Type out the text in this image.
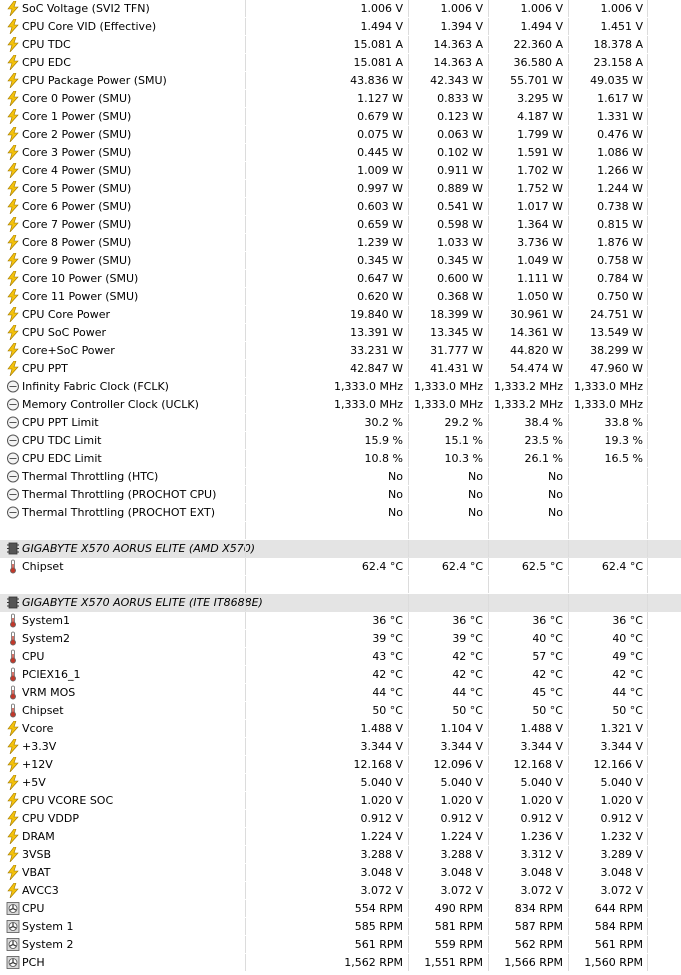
SoC Voltage (SVI2 TFN)	1.006 V	1.006 V	1.006 V	1.006 V
CPU Core VID (Effective)	1.494 V	1.394 V	1.494 V	1.451 V
CPU TDC	15.081 A	14.363 A	22.360 A	18.378 A
CPU EDC	15.081 A	14.363 A	36.580 A	23.158 A
CPU Package Power (SMU)	43.836 W	42.343 W	55.701 W	49.035 W
Core 0 Power (SMU)	1.127 W	0.833 W	3.295 W	1.617 W
Core 1 Power (SMU)	0.679 W	0.123 W	4.187 W	1.331 W
Core 2 Power (SMU)	0.075 W	0.063 W	1.799 W	0.476 W
Core 3 Power (SMU)	0.445 W	0.102 W	1.591 W	1.086 W
Core 4 Power (SMU)	1.009 W	0.911 W	1.702 W	1.266 W
Core 5 Power (SMU)	0.997 W	0.889 W	1.752 W	1.244 W
Core 6 Power (SMU)	0.603 W	0.541 W	1.017 W	0.738 W
Core 7 Power (SMU)	0.659 W	0.598 W	1.364 W	0.815 W
Core 8 Power (SMU)	1.239 W	1.033 W	3.736 W	1.876 W
Core 9 Power (SMU)	0.345 W	0.345 W	1.049 W	0.758 W
Core 10 Power (SMU)	0.647 W	0.600 W	1.111 W	0.784 W
Core 11 Power (SMU)	0.620 W	0.368 W	1.050 W	0.750 W
CPU Core Power	19.840 W	18.399 W	30.961 W	24.751 W
CPU SoC Power	13.391 W	13.345 W	14.361 W	13.549 W
Core+SoC Power	33.231 W	31.777 W	44.820 W	38.299 W
CPU PPT	42.847 W	41.431 W	54.474 W	47.960 W
Infinity Fabric Clock (FCLK)	1,333.0 MHz 1,333.0 MHz 1,333.2 MHz 1,333.0 MHz
Memory Controller Clock (UCLK)	1,333.0 MHz 1,333.0 MHz 1,333.2 MHz 1,333.0 MHz
CPU PPT Limit	30.2 %	29.2 %	38.4 %	33.8 %
CPU TDC Limit	15.9 %	15.1 %	23.5 %	19.3 %
CPU EDC Limit	10.8 %	10.3 %	26.1 %	16.5 %
Thermal Throttling (HTC)	No	No	No
Thermal Throttling (PROCHOT CPU)	No	No	No
Thermal Throttling (PROCHOT EXT)	No	No	No
GIGABYTE X570 AORUS ELITE (AMD X570)
Chipset	62.4 °C	62.4 °C	62.5 °C	62.4 °C
GIGABYTE X570 AORUS ELITE (ITE IT8688E)
System1	36 °C	36 °C	36 °C	36 °C
System2	39 °C	39 °C	40 °C	40 °C
CPU	43 °C	42 °C	57 °C	49 °C
PCIEX16_1	42 °C	42 °C	42 °C	42 °C
VRM MOS	44 °C	44 °C	45 °C	44 °C
Chipset	50 °C	50 °C	50 °C	50 °C
Vcore	1.488 V	1.104 V	1.488 V	1.321 V
+3.3V	3.344 V	3.344 V	3.344 V	3.344 V
+12V	12.168 V	12.096 V	12.168 V	12.166 V
+5V	5.040 V	5.040 V	5.040 V	5.040 V
CPU VCORE SOC	1.020 V	1.020 V	1.020 V	1.020 V
CPU VDDP	0.912 V	0.912 V	0.912 V	0.912 V
DRAM	1.224 V	1.224 V	1.236 V	1.232 V
3VSB	3.288 V	3.288 V	3.312 V	3.289 V
VBAT	3.048 V	3.048 V	3.048 V	3.048 V
AVCC3	3.072 V	3.072 V	3.072 V	3.072 V
CPU	554 RPM	490 RPM	834 RPM	644 RPM
System 1	585 RPM	581 RPM	587 RPM	584 RPM
System 2	561 RPM	559 RPM	562 RPM	561 RPM
PCH	1,562 RPM	1,551 RPM	1,566 RPM	1,560 RPM
